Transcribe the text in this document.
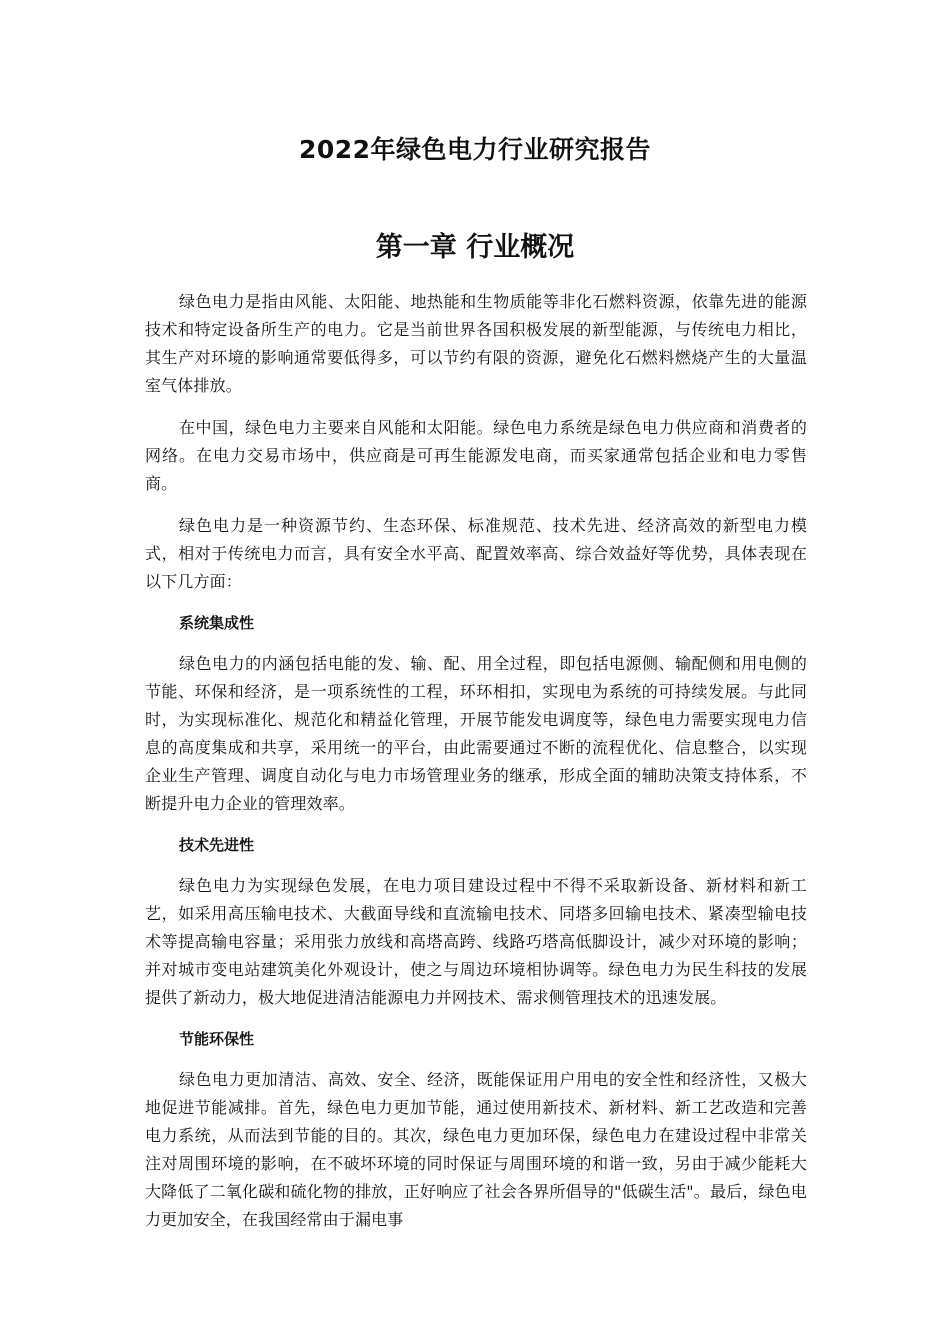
2022年绿色电力行业研究报告
第一章 行业概况

绿色电力是指由风能、太阳能、地热能和生物质能等非化石燃料资源，依靠先进的能源技术和特定设备所生产的电力。它是当前世界各国积极发展的新型能源，与传统电力相比，其生产对环境的影响通常要低得多，可以节约有限的资源，避免化石燃料燃烧产生的大量温室气体排放。

在中国，绿色电力主要来自风能和太阳能。绿色电力系统是绿色电力供应商和消费者的网络。在电力交易市场中，供应商是可再生能源发电商，而买家通常包括企业和电力零售商。

绿色电力是一种资源节约、生态环保、标准规范、技术先进、经济高效的新型电力模式，相对于传统电力而言，具有安全水平高、配置效率高、综合效益好等优势，具体表现在以下几方面：

系统集成性

绿色电力的内涵包括电能的发、输、配、用全过程，即包括电源侧、输配侧和用电侧的节能、环保和经济，是一项系统性的工程，环环相扣，实现电为系统的可持续发展。与此同时，为实现标准化、规范化和精益化管理，开展节能发电调度等，绿色电力需要实现电力信息的高度集成和共享，采用统一的平台，由此需要通过不断的流程优化、信息整合，以实现企业生产管理、调度自动化与电力市场管理业务的继承，形成全面的辅助决策支持体系，不断提升电力企业的管理效率。

技术先进性

绿色电力为实现绿色发展，在电力项目建设过程中不得不采取新设备、新材料和新工艺，如采用高压输电技术、大截面导线和直流输电技术、同塔多回输电技术、紧凑型输电技术等提高输电容量；采用张力放线和高塔高跨、线路巧塔高低脚设计，减少对环境的影响；并对城市变电站建筑美化外观设计，使之与周边环境相协调等。绿色电力为民生科技的发展提供了新动力，极大地促进清洁能源电力并网技术、需求侧管理技术的迅速发展。

节能环保性

绿色电力更加清洁、高效、安全、经济，既能保证用户用电的安全性和经济性，又极大地促进节能减排。首先，绿色电力更加节能，通过使用新技术、新材料、新工艺改造和完善电力系统，从而法到节能的目的。其次，绿色电力更加环保，绿色电力在建设过程中非常关注对周围环境的影响，在不破坏环境的同时保证与周围环境的和谐一致，另由于减少能耗大大降低了二氧化碳和硫化物的排放，正好响应了社会各界所倡导的"低碳生活"。最后，绿色电力更加安全，在我国经常由于漏电事
